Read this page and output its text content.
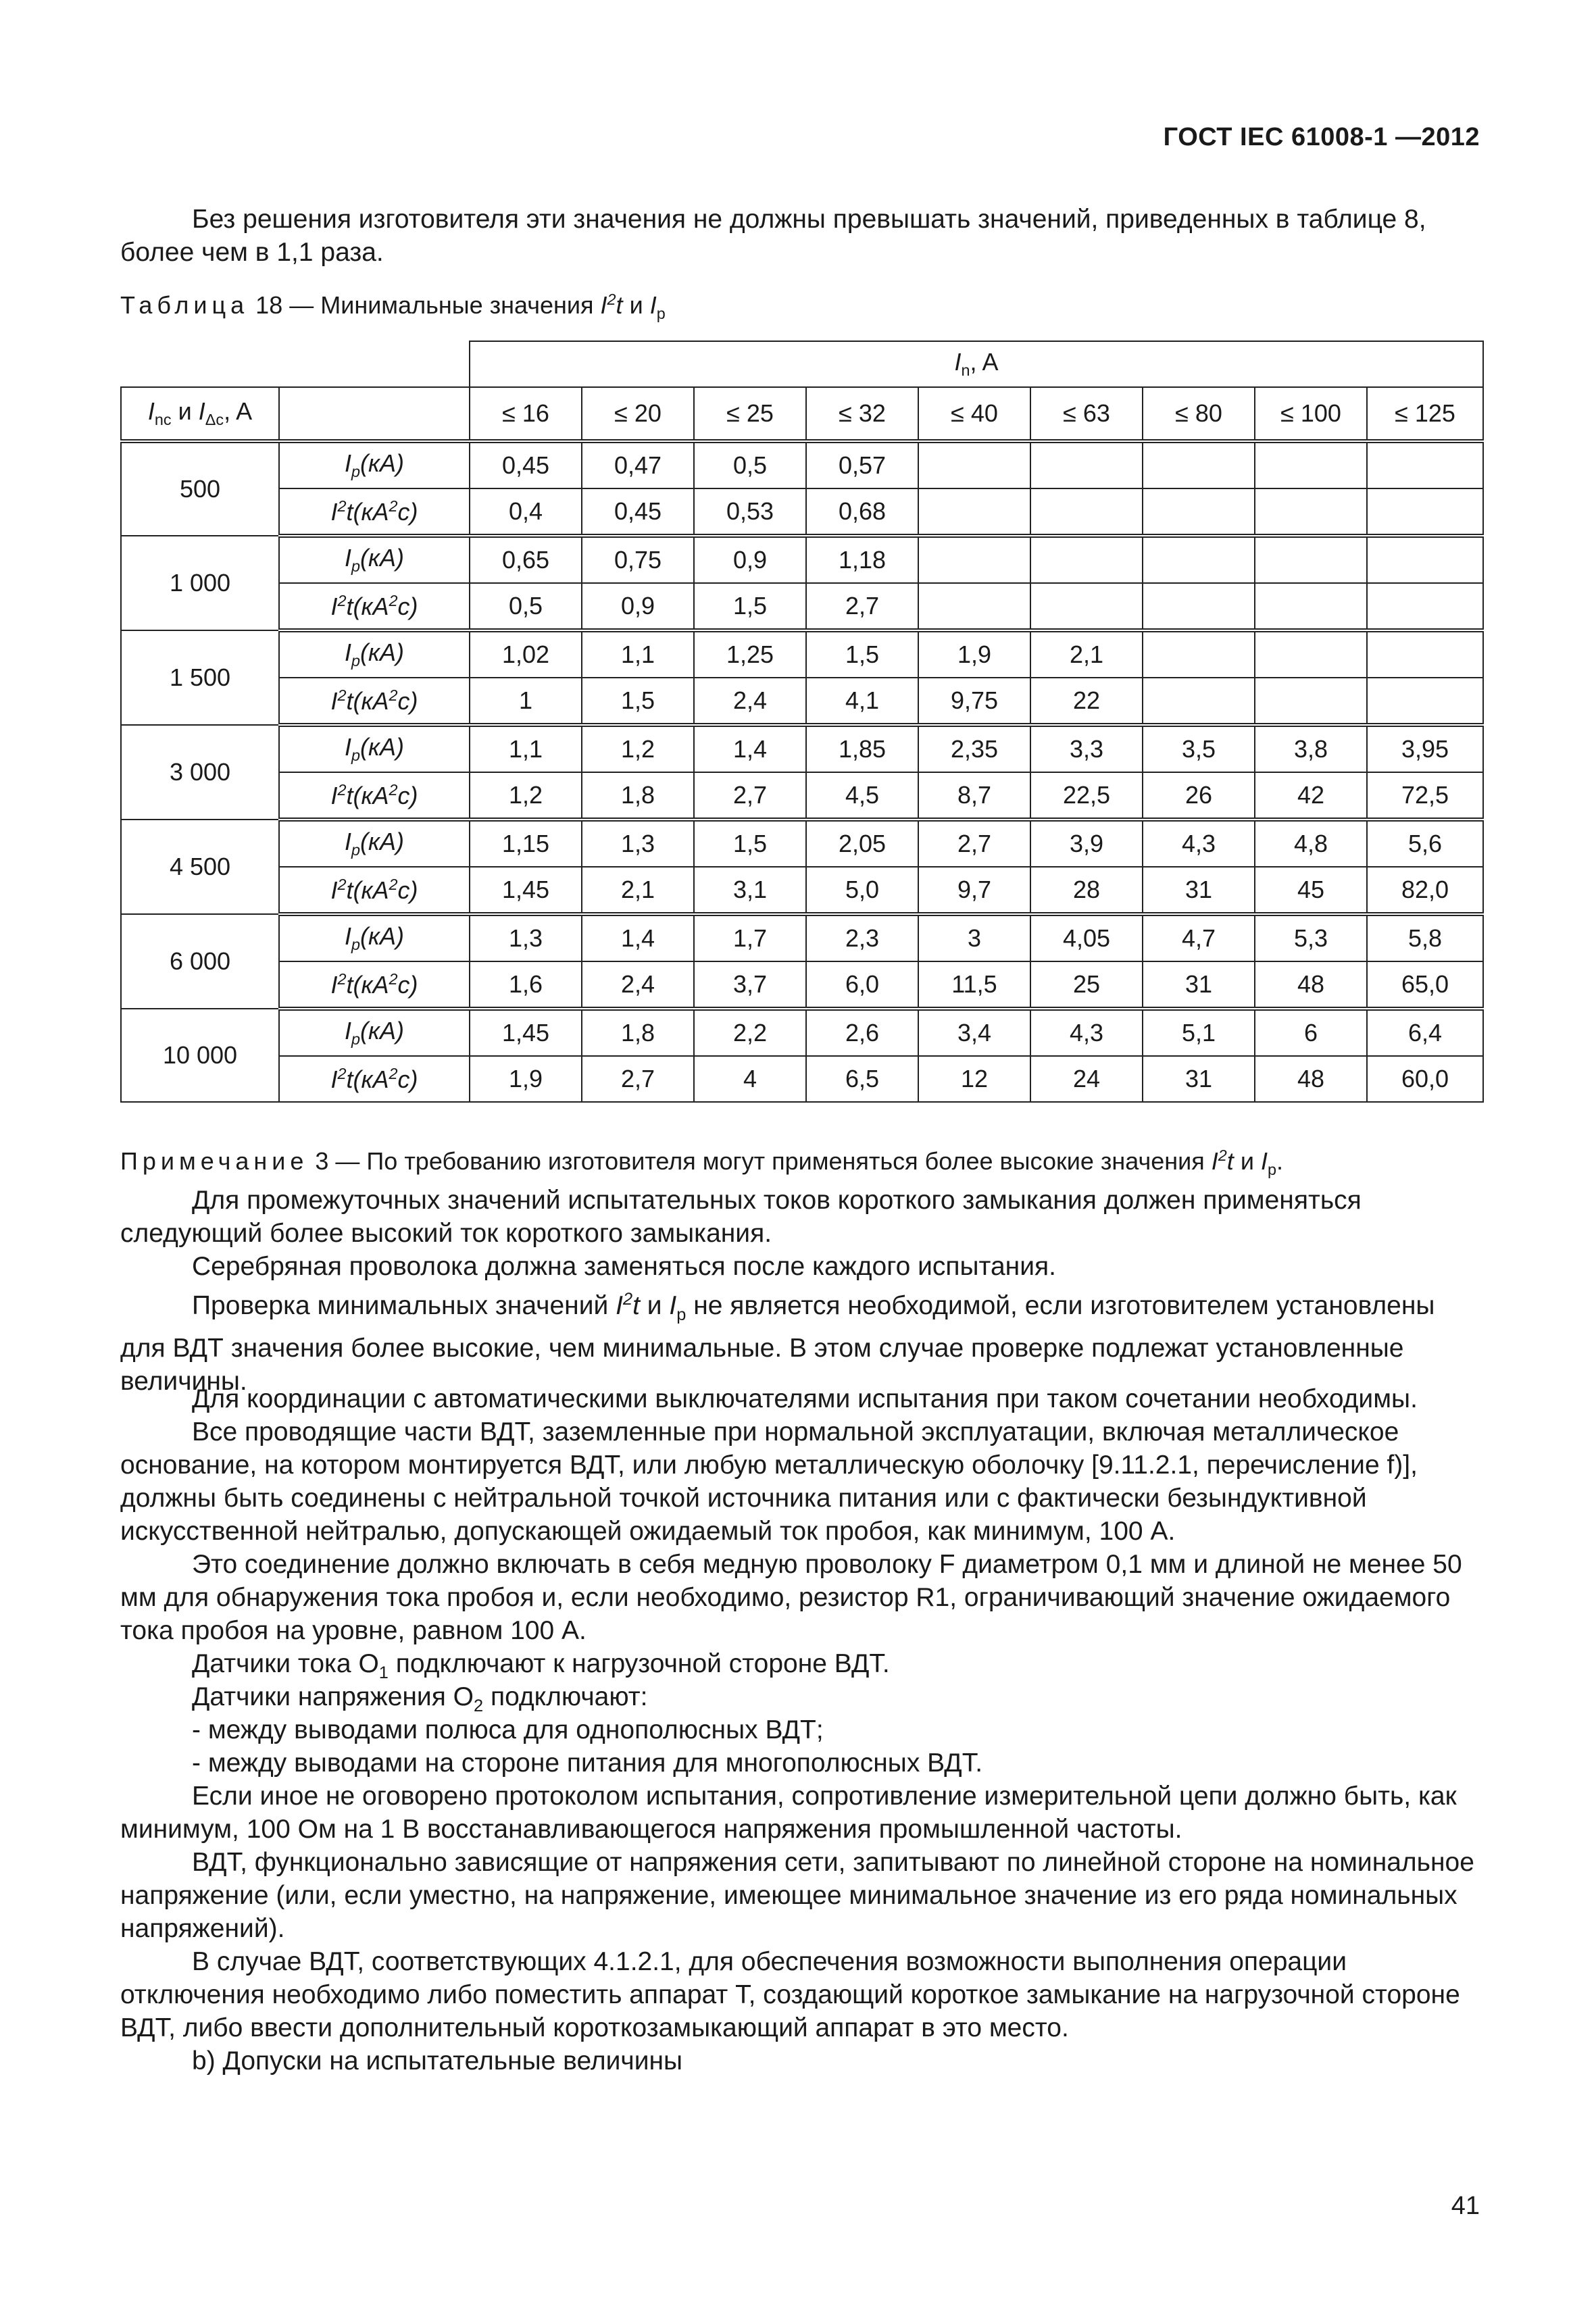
ГОСТ IEC 61008-1 —2012

Без решения изготовителя эти значения не должны превышать значений, приведенных в таблице 8, более чем в 1,1 раза.

Таблица 18 — Минимальные значения $I^2t$ и $I_p$
		$I_n$, A								
$I_{nc}$ и $I_{\Delta c}$, A		≤ 16	≤ 20	≤ 25	≤ 32	≤ 40	≤ 63	≤ 80	≤ 100	≤ 125
500	$I_p(кА)$	0,45	0,47	0,5	0,57					
	$I^2t(кА^2с)$	0,4	0,45	0,53	0,68					
1 000	$I_p(кА)$	0,65	0,75	0,9	1,18					
	$I^2t(кА^2с)$	0,5	0,9	1,5	2,7					
1 500	$I_p(кА)$	1,02	1,1	1,25	1,5	1,9	2,1			
	$I^2t(кА^2с)$	1	1,5	2,4	4,1	9,75	22			
3 000	$I_p(кА)$	1,1	1,2	1,4	1,85	2,35	3,3	3,5	3,8	3,95
	$I^2t(кА^2с)$	1,2	1,8	2,7	4,5	8,7	22,5	26	42	72,5
4 500	$I_p(кА)$	1,15	1,3	1,5	2,05	2,7	3,9	4,3	4,8	5,6
	$I^2t(кА^2с)$	1,45	2,1	3,1	5,0	9,7	28	31	45	82,0
6 000	$I_p(кА)$	1,3	1,4	1,7	2,3	3	4,05	4,7	5,3	5,8
	$I^2t(кА^2с)$	1,6	2,4	3,7	6,0	11,5	25	31	48	65,0
10 000	$I_p(кА)$	1,45	1,8	2,2	2,6	3,4	4,3	5,1	6	6,4
	$I^2t(кА^2с)$	1,9	2,7	4	6,5	12	24	31	48	60,0

Примечание 3 — По требованию изготовителя могут применяться более высокие значения $I^2t$ и $I_p$.

Для промежуточных значений испытательных токов короткого замыкания должен применяться следующий более высокий ток короткого замыкания.

Серебряная проволока должна заменяться после каждого испытания.

Проверка минимальных значений $I^2t$ и $I_p$ не является необходимой, если изготовителем установлены для ВДТ значения более высокие, чем минимальные. В этом случае проверке подлежат установленные величины.

Для координации с автоматическими выключателями испытания при таком сочетании необходимы.

Все проводящие части ВДТ, заземленные при нормальной эксплуатации, включая металлическое основание, на котором монтируется ВДТ, или любую металлическую оболочку [9.11.2.1, перечисление f)], должны быть соединены с нейтральной точкой источника питания или с фактически безындуктивной искусственной нейтралью, допускающей ожидаемый ток пробоя, как минимум, 100 А.

Это соединение должно включать в себя медную проволоку F диаметром 0,1 мм и длиной не менее 50 мм для обнаружения тока пробоя и, если необходимо, резистор R1, ограничивающий значение ожидаемого тока пробоя на уровне, равном 100 А.

Датчики тока $O_1$ подключают к нагрузочной стороне ВДТ.

Датчики напряжения $O_2$ подключают:

- между выводами полюса для однополюсных ВДТ;

- между выводами на стороне питания для многополюсных ВДТ.

Если иное не оговорено протоколом испытания, сопротивление измерительной цепи должно быть, как минимум, 100 Ом на 1 В восстанавливающегося напряжения промышленной частоты.

ВДТ, функционально зависящие от напряжения сети, запитывают по линейной стороне на номинальное напряжение (или, если уместно, на напряжение, имеющее минимальное значение из его ряда номинальных напряжений).

В случае ВДТ, соответствующих 4.1.2.1, для обеспечения возможности выполнения операции отключения необходимо либо поместить аппарат Т, создающий короткое замыкание на нагрузочной стороне ВДТ, либо ввести дополнительный короткозамыкающий аппарат в это место.

b) Допуски на испытательные величины

41
